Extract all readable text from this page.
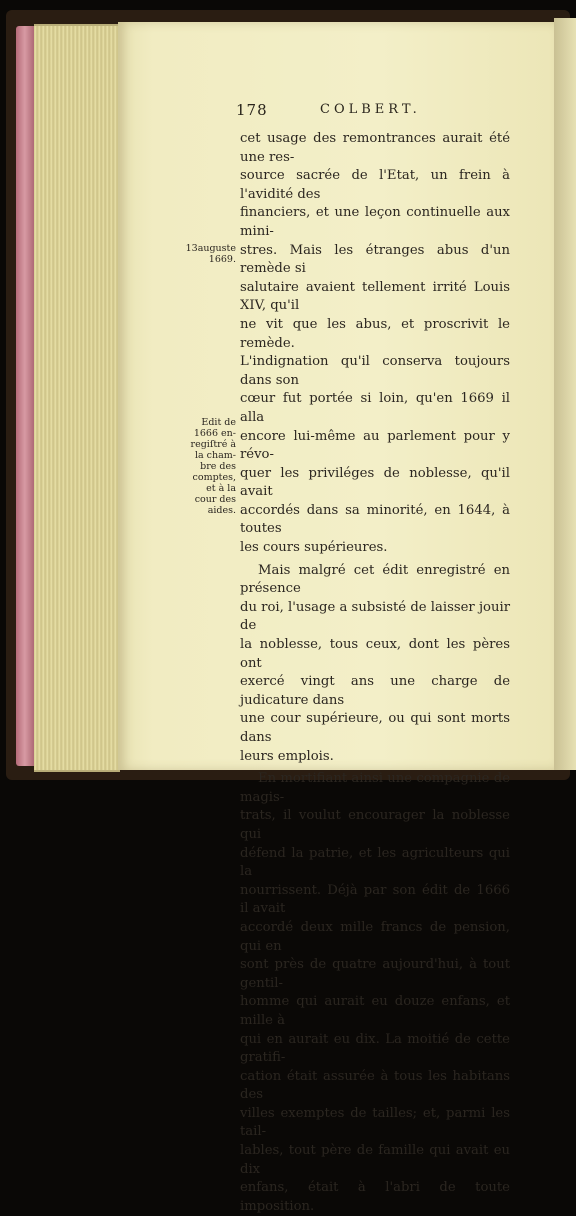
178	COLBERT.

cet usage des remontrances aurait été une res-

source sacrée de l'Etat, un frein à l'avidité des

financiers, et une leçon continuelle aux mini-

stres. Mais les étranges abus d'un remède si

salutaire avaient tellement irrité Louis XIV, qu'il

ne vit que les abus, et proscrivit le remède.

L'indignation qu'il conserva toujours dans son

cœur fut portée si loin, qu'en 1669 il alla

encore lui-même au parlement pour y révo-

quer les priviléges de noblesse, qu'il avait

accordés dans sa minorité, en 1644, à toutes

les cours supérieures.

Mais malgré cet édit enregistré en présence

du roi, l'usage a subsisté de laisser jouir de

la noblesse, tous ceux, dont les pères ont

exercé vingt ans une charge de judicature dans

une cour supérieure, ou qui sont morts dans

leurs emplois.

En mortifiant ainsi une compagnie de magis-

trats, il voulut encourager la noblesse qui

défend la patrie, et les agriculteurs qui la

nourrissent. Déjà par son édit de 1666 il avait

accordé deux mille francs de pension, qui en

sont près de quatre aujourd'hui, à tout gentil-

homme qui aurait eu douze enfans, et mille à

qui en aurait eu dix. La moitié de cette gratifi-

cation était assurée à tous les habitans des

villes exemptes de tailles; et, parmi les tail-

lables, tout père de famille qui avait eu dix

enfans, était à l'abri de toute imposition.

13auguste
1669.
Edit de
1666 en-
regiſtré à
la cham-
bre des
comptes,
et à la
cour des
aides.
